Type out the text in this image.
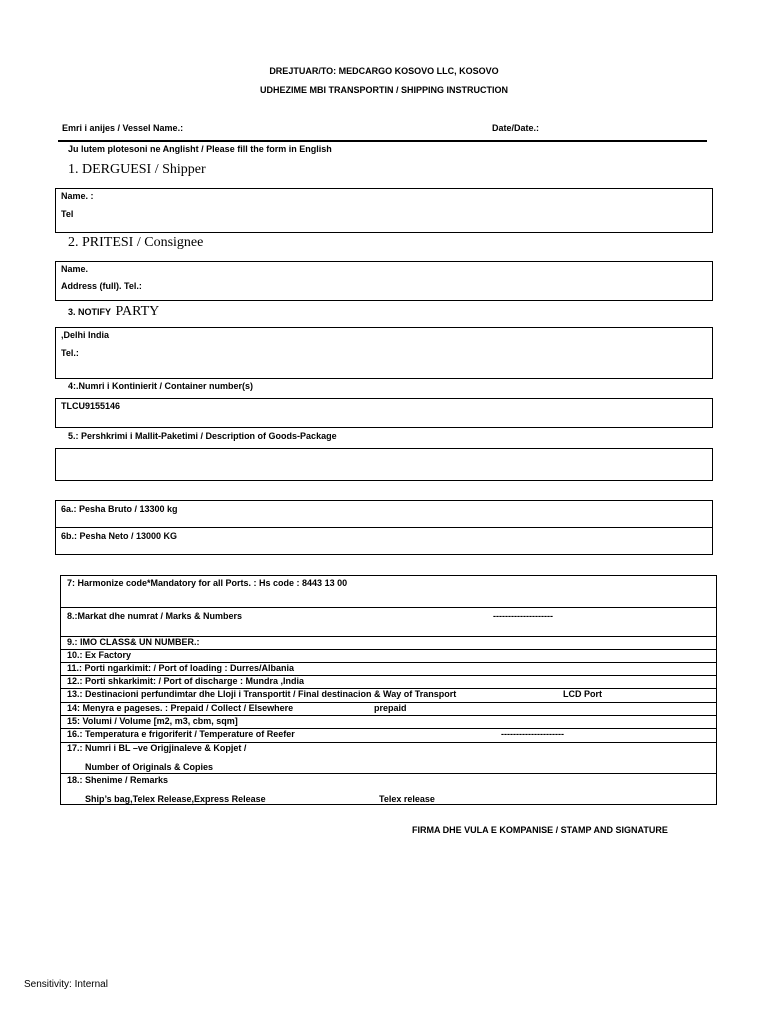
DREJTUAR/TO: MEDCARGO KOSOVO LLC, KOSOVO
UDHEZIME MBI TRANSPORTIN / SHIPPING INSTRUCTION
Emri i anijes / Vessel Name.:	Date/Date.:
Ju lutem plotesoni ne Anglisht / Please fill the form in English
1. DERGUESI / Shipper
Name. :
Tel
2. PRITESI / Consignee
Name.
Address (full). Tel.:
3. NOTIFY PARTY
,Delhi India
Tel.:
4:.Numri i Kontinierit / Container number(s)
TLCU9155146
5.: Pershkrimi i Mallit-Paketimi / Description of Goods-Package
6a.: Pesha Bruto / 13300 kg
6b.: Pesha Neto / 13000 KG
7: Harmonize code*Mandatory for all Ports. : Hs code : 8443 13 00
8.:Markat dhe numrat / Marks & Numbers	--------------------
9.: IMO CLASS& UN NUMBER.:
10.: Ex Factory
11.: Porti ngarkimit: / Port of loading : Durres/Albania
12.: Porti shkarkimit: / Port of discharge : Mundra ,India
13.: Destinacioni perfundimtar dhe Lloji i Transportit / Final destinacion & Way of Transport	LCD Port
14: Menyra e pageses. : Prepaid / Collect / Elsewhere	prepaid
15: Volumi / Volume [m2, m3, cbm, sqm]
16.: Temperatura e frigoriferit / Temperature of Reefer	---------------------
17.: Numri i BL –ve Origjinaleve & Kopjet /
Number of Originals & Copies
18.: Shenime / Remarks
Ship’s bag,Telex Release,Express Release	Telex release
FIRMA DHE VULA E KOMPANISE / STAMP AND SIGNATURE
Sensitivity: Internal
